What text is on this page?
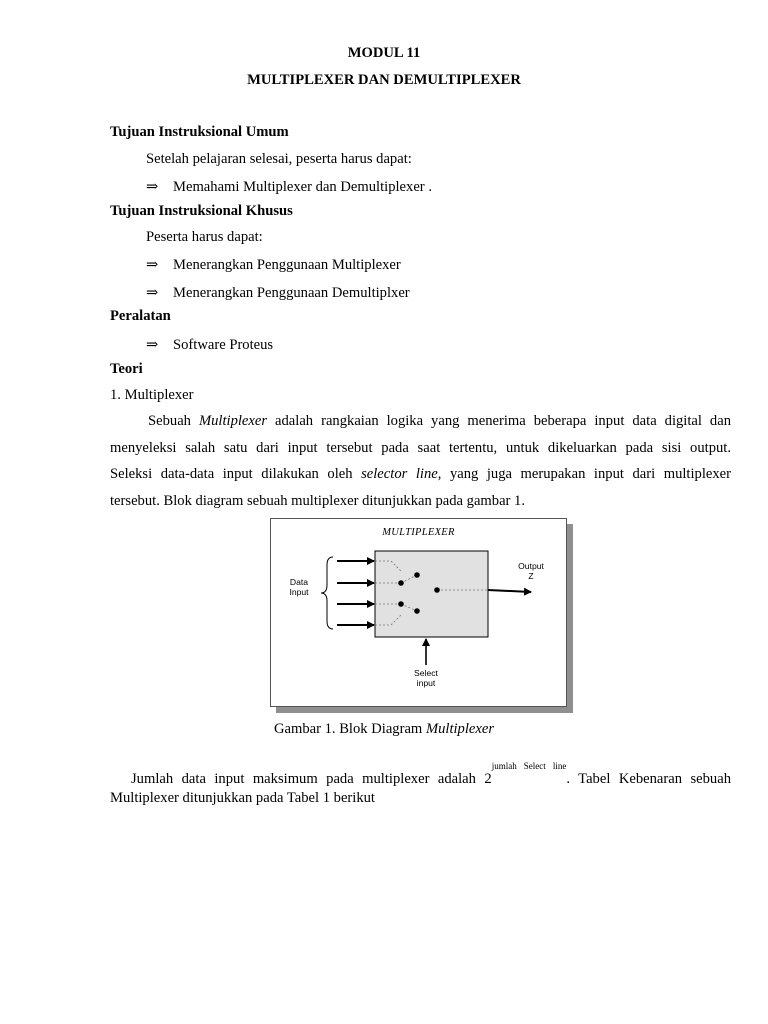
MODUL 11
MULTIPLEXER DAN DEMULTIPLEXER
Tujuan Instruksional Umum
Setelah pelajaran selesai, peserta harus dapat:
⇒ Memahami Multiplexer dan Demultiplexer .
Tujuan Instruksional Khusus
Peserta harus dapat:
⇒ Menerangkan Penggunaan Multiplexer
⇒ Menerangkan Penggunaan Demultiplxer
Peralatan
⇒ Software Proteus
Teori
1. Multiplexer
Sebuah Multiplexer adalah rangkaian logika yang menerima beberapa input data digital dan
menyeleksi salah satu dari input tersebut pada saat tertentu, untuk dikeluarkan pada sisi output.
Seleksi data-data input dilakukan oleh selector line, yang juga merupakan input dari multiplexer
tersebut. Blok diagram sebuah multiplexer ditunjukkan pada gambar 1.
MULTIPLEXER
Data
Input
Output
Z
Select
input
Gambar 1. Blok Diagram Multiplexer
Jumlah data input maksimum pada multiplexer adalah $2^{jumlah Select line}$. Tabel Kebenaran sebuah
Multiplexer ditunjukkan pada Tabel 1 berikut
